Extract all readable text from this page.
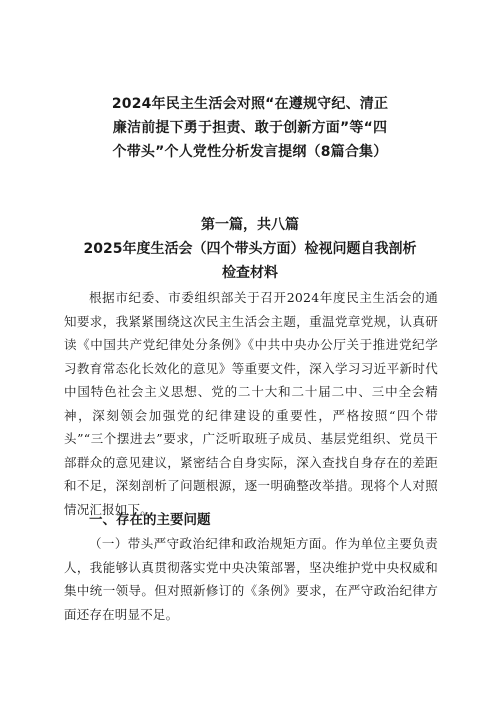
2024年民主生活会对照“在遵规守纪、清正廉洁前提下勇于担责、敢于创新方面”等“四个带头”个人党性分析发言提纲（8篇合集）

第一篇，共八篇

2025年度生活会（四个带头方面）检视问题自我剖析

检查材料

根据市纪委、市委组织部关于召开2024年度民主生活会的通知要求，我紧紧围绕这次民主生活会主题，重温党章党规，认真研读《中国共产党纪律处分条例》《中共中央办公厅关于推进党纪学习教育常态化长效化的意见》等重要文件，深入学习习近平新时代中国特色社会主义思想、党的二十大和二十届二中、三中全会精神，深刻领会加强党的纪律建设的重要性，严格按照“四个带头”“三个摆进去”要求，广泛听取班子成员、基层党组织、党员干部群众的意见建议，紧密结合自身实际，深入查找自身存在的差距和不足，深刻剖析了问题根源，逐一明确整改举措。现将个人对照情况汇报如下。

一、存在的主要问题

（一）带头严守政治纪律和政治规矩方面。作为单位主要负责人，我能够认真贯彻落实党中央决策部署，坚决维护党中央权威和集中统一领导。但对照新修订的《条例》要求，在严守政治纪律方面还存在明显不足。
